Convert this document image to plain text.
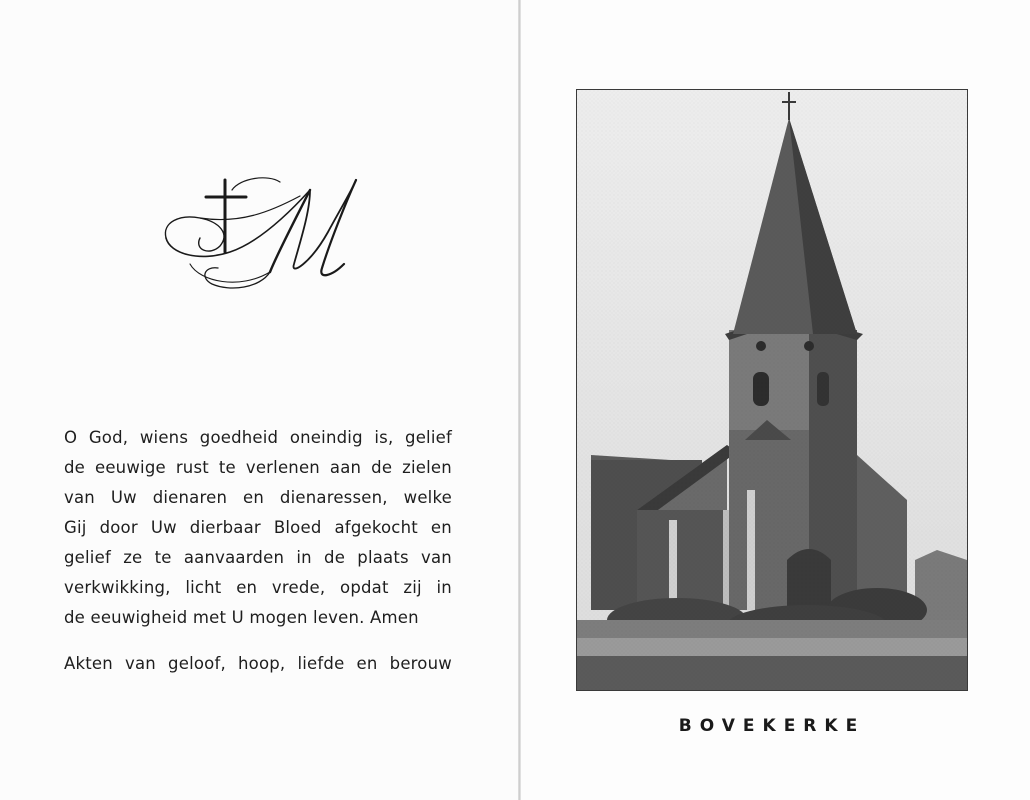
O God, wiens goedheid oneindig is, gelief
de eeuwige rust te verlenen aan de zielen
van Uw dienaren en dienaressen, welke
Gij door Uw dierbaar Bloed afgekocht en
gelief ze te aanvaarden in de plaats van
verkwikking, licht en vrede, opdat zij in
de eeuwigheid met U mogen leven. Amen
Akten van geloof, hoop, liefde en berouw
BOVEKERKE
